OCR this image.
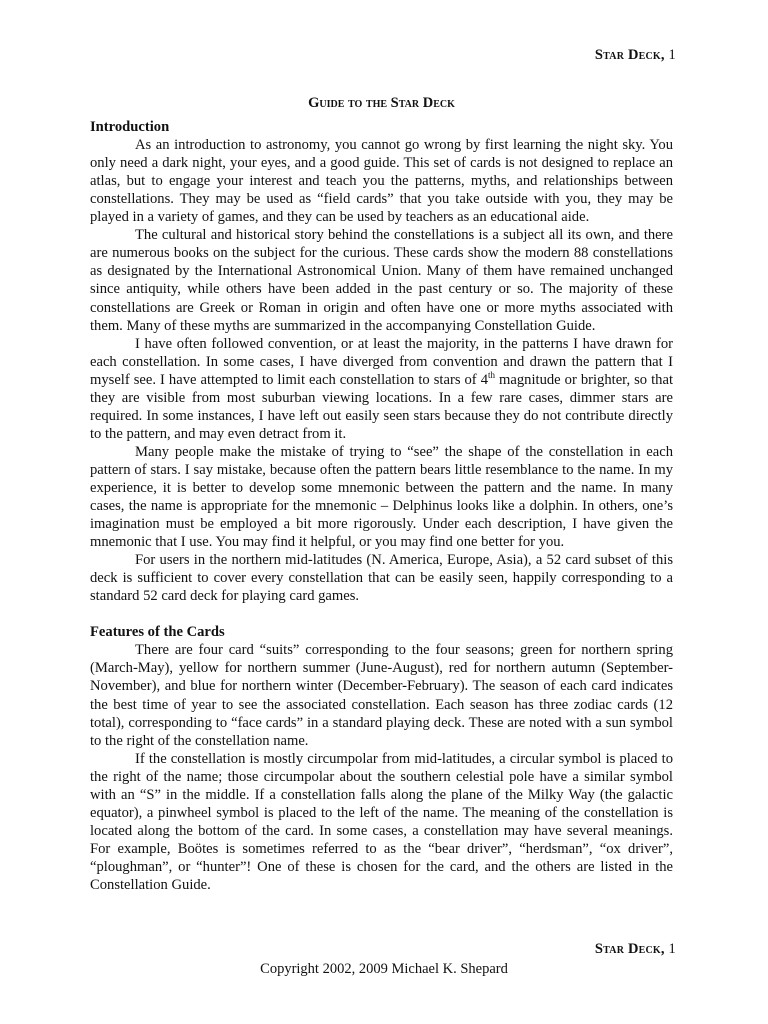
Star Deck, 1
Guide to the Star Deck
Introduction

As an introduction to astronomy, you cannot go wrong by first learning the night sky. You only need a dark night, your eyes, and a good guide. This set of cards is not designed to replace an atlas, but to engage your interest and teach you the patterns, myths, and relationships between constellations. They may be used as “field cards” that you take outside with you, they may be played in a variety of games, and they can be used by teachers as an educational aide.

The cultural and historical story behind the constellations is a subject all its own, and there are numerous books on the subject for the curious. These cards show the modern 88 constellations as designated by the International Astronomical Union. Many of them have remained unchanged since antiquity, while others have been added in the past century or so. The majority of these constellations are Greek or Roman in origin and often have one or more myths associated with them. Many of these myths are summarized in the accompanying Constellation Guide.

I have often followed convention, or at least the majority, in the patterns I have drawn for each constellation. In some cases, I have diverged from convention and drawn the pattern that I myself see. I have attempted to limit each constellation to stars of 4th magnitude or brighter, so that they are visible from most suburban viewing locations. In a few rare cases, dimmer stars are required. In some instances, I have left out easily seen stars because they do not contribute directly to the pattern, and may even detract from it.

Many people make the mistake of trying to “see” the shape of the constellation in each pattern of stars. I say mistake, because often the pattern bears little resemblance to the name. In my experience, it is better to develop some mnemonic between the pattern and the name. In many cases, the name is appropriate for the mnemonic – Delphinus looks like a dolphin. In others, one’s imagination must be employed a bit more rigorously. Under each description, I have given the mnemonic that I use. You may find it helpful, or you may find one better for you.

For users in the northern mid-latitudes (N. America, Europe, Asia), a 52 card subset of this deck is sufficient to cover every constellation that can be easily seen, happily corresponding to a standard 52 card deck for playing card games.

Features of the Cards

There are four card “suits” corresponding to the four seasons; green for northern spring (March-May), yellow for northern summer (June-August), red for northern autumn (September-November), and blue for northern winter (December-February). The season of each card indicates the best time of year to see the associated constellation. Each season has three zodiac cards (12 total), corresponding to “face cards” in a standard playing deck. These are noted with a sun symbol to the right of the constellation name.

If the constellation is mostly circumpolar from mid-latitudes, a circular symbol is placed to the right of the name; those circumpolar about the southern celestial pole have a similar symbol with an “S” in the middle. If a constellation falls along the plane of the Milky Way (the galactic equator), a pinwheel symbol is placed to the left of the name. The meaning of the constellation is located along the bottom of the card. In some cases, a constellation may have several meanings. For example, Boötes is sometimes referred to as the “bear driver”, “herdsman”, “ox driver”, “ploughman”, or “hunter”! One of these is chosen for the card, and the others are listed in the Constellation Guide.

Star Deck, 1
Copyright 2002, 2009 Michael K. Shepard
